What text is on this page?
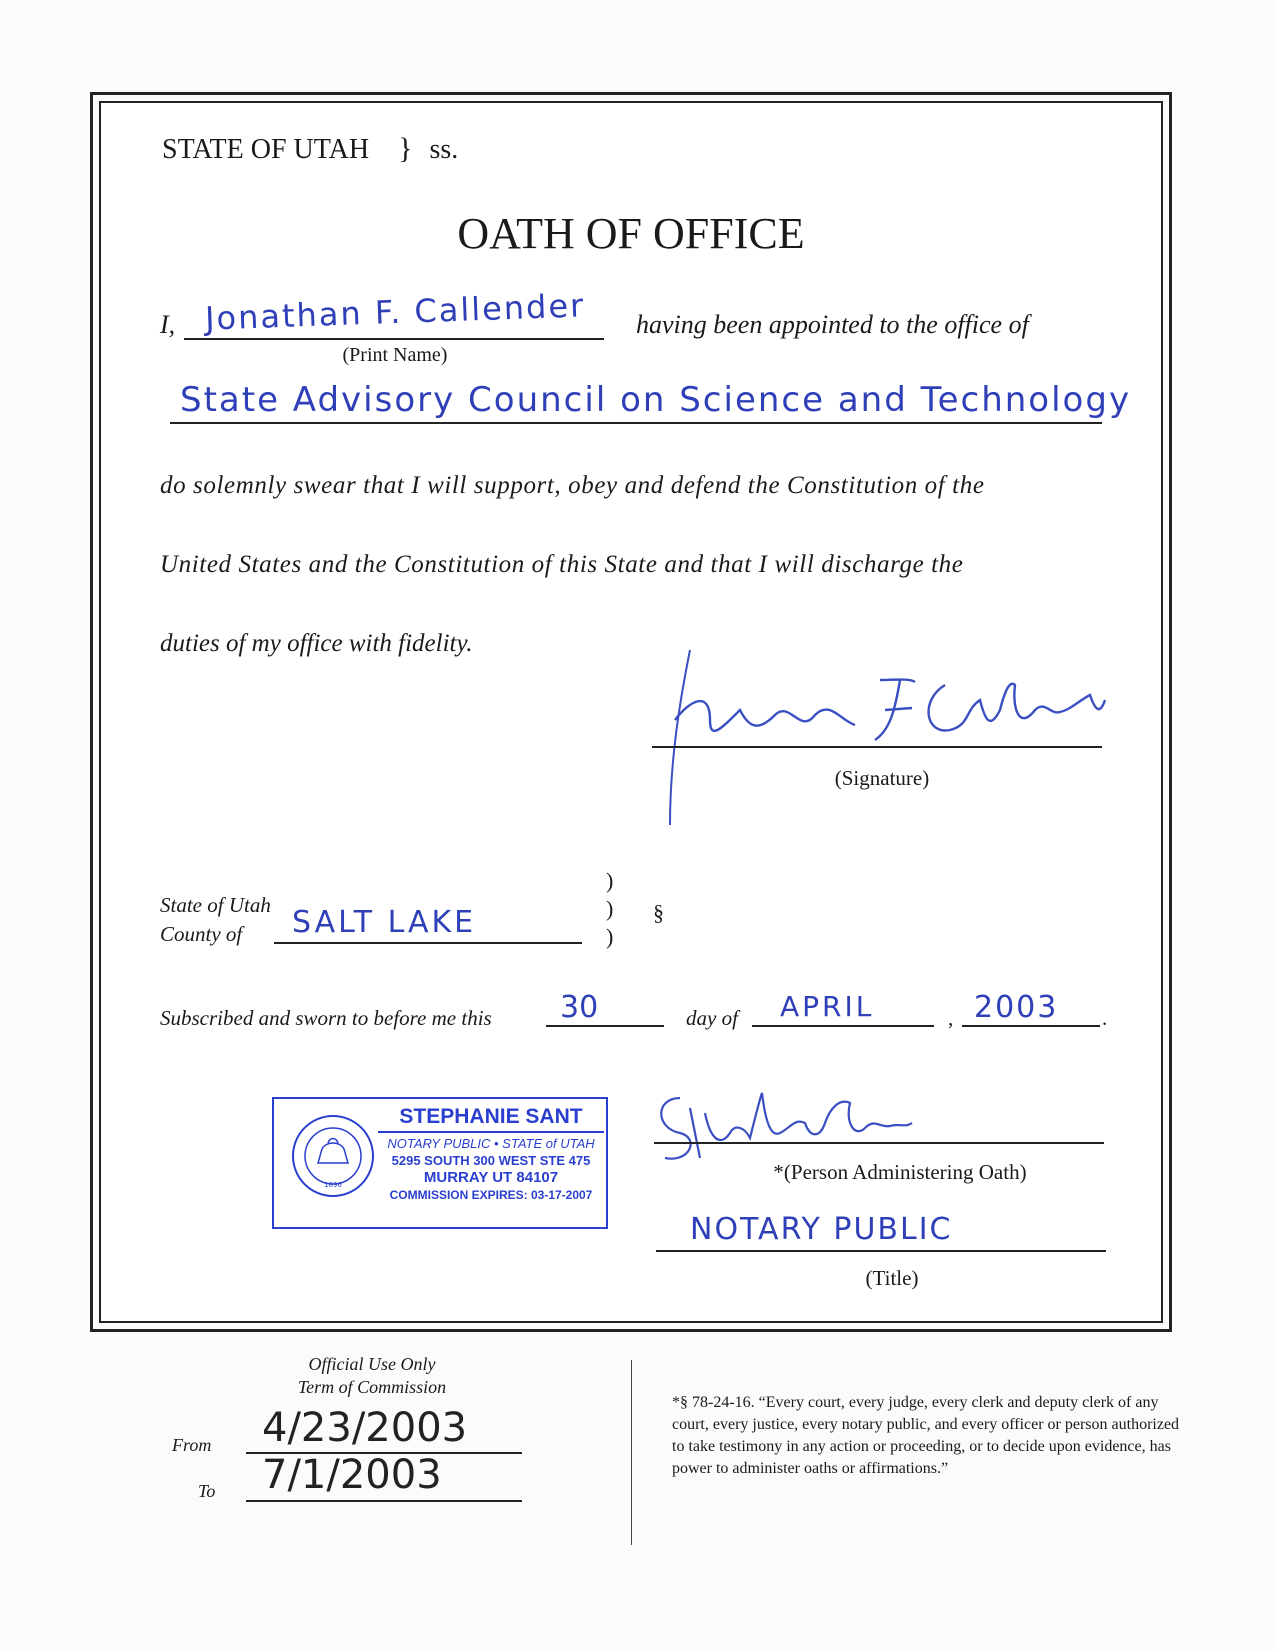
STATE OF UTAH } ss.
OATH OF OFFICE
I, Jonathan F. Callender
(Print Name)
having been appointed to the office of
State Advisory Council on Science and Technology
do solemnly swear that I will support, obey and defend the Constitution of the
United States and the Constitution of this State and that I will discharge the
duties of my office with fidelity.
(Signature)
State of Utah
County of SALT LAKE
)
)
)
§
Subscribed and sworn to before me this 30	day of APRIL	, 2003 .
1896
STEPHANIE SANT
NOTARY PUBLIC • STATE of UTAH
5295 SOUTH 300 WEST STE 475
MURRAY UT 84107
COMMISSION EXPIRES: 03-17-2007
*(Person Administering Oath)
NOTARY PUBLIC
(Title)
Official Use Only
Term of Commission
From 4/23/2003
To 7/1/2003
*§ 78-24-16. “Every court, every judge, every clerk and deputy clerk of any court, every justice, every notary public, and every officer or person authorized to take testimony in any action or proceeding, or to decide upon evidence, has power to administer oaths or affirmations.”
